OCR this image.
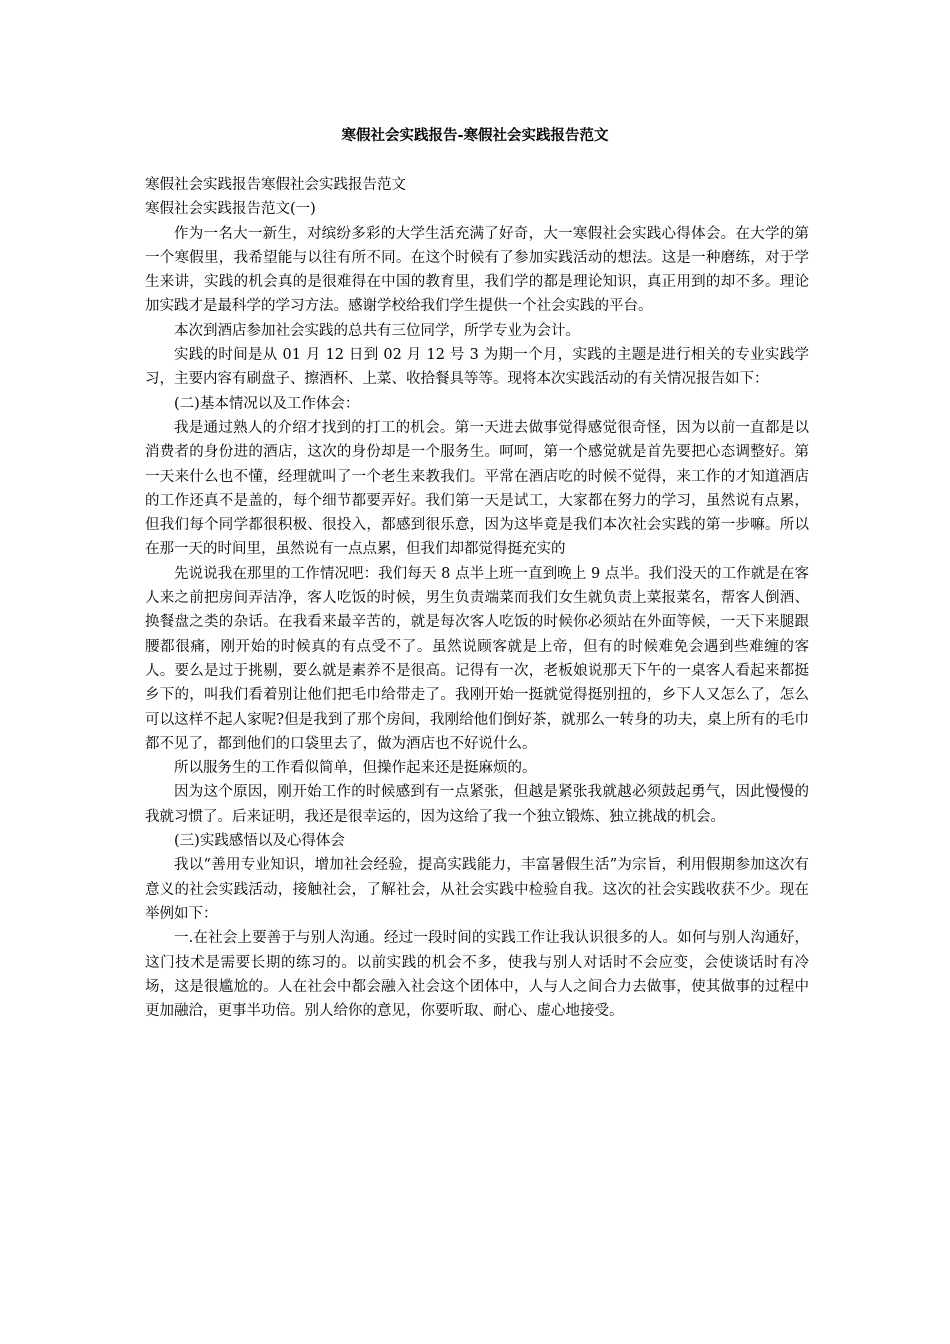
寒假社会实践报告-寒假社会实践报告范文

寒假社会实践报告寒假社会实践报告范文

寒假社会实践报告范文(一)

作为一名大一新生，对缤纷多彩的大学生活充满了好奇，大一寒假社会实践心得体会。在大学的第一个寒假里，我希望能与以往有所不同。在这个时候有了参加实践活动的想法。这是一种磨练，对于学生来讲，实践的机会真的是很难得在中国的教育里，我们学的都是理论知识，真正用到的却不多。理论加实践才是最科学的学习方法。感谢学校给我们学生提供一个社会实践的平台。

本次到酒店参加社会实践的总共有三位同学，所学专业为会计。

实践的时间是从 01 月 12 日到 02 月 12 号 3 为期一个月，实践的主题是进行相关的专业实践学习，主要内容有刷盘子、擦酒杯、上菜、收拾餐具等等。现将本次实践活动的有关情况报告如下：

(二)基本情况以及工作体会：

我是通过熟人的介绍才找到的打工的机会。第一天进去做事觉得感觉很奇怪，因为以前一直都是以消费者的身份进的酒店，这次的身份却是一个服务生。呵呵，第一个感觉就是首先要把心态调整好。第一天来什么也不懂，经理就叫了一个老生来教我们。平常在酒店吃的时候不觉得，来工作的才知道酒店的工作还真不是盖的，每个细节都要弄好。我们第一天是试工，大家都在努力的学习，虽然说有点累，但我们每个同学都很积极、很投入，都感到很乐意，因为这毕竟是我们本次社会实践的第一步嘛。所以在那一天的时间里，虽然说有一点点累，但我们却都觉得挺充实的

先说说我在那里的工作情况吧：我们每天 8 点半上班一直到晚上 9 点半。我们没天的工作就是在客人来之前把房间弄洁净，客人吃饭的时候，男生负责端菜而我们女生就负责上菜报菜名，帮客人倒酒、换餐盘之类的杂话。在我看来最辛苦的，就是每次客人吃饭的时候你必须站在外面等候，一天下来腿跟腰都很痛，刚开始的时候真的有点受不了。虽然说顾客就是上帝，但有的时候难免会遇到些难缠的客人。要么是过于挑剔，要么就是素养不是很高。记得有一次，老板娘说那天下午的一桌客人看起来都挺乡下的，叫我们看着别让他们把毛巾给带走了。我刚开始一挺就觉得挺别扭的，乡下人又怎么了，怎么可以这样不起人家呢?但是我到了那个房间，我刚给他们倒好茶，就那么一转身的功夫，桌上所有的毛巾都不见了，都到他们的口袋里去了，做为酒店也不好说什么。

所以服务生的工作看似简单，但操作起来还是挺麻烦的。

因为这个原因，刚开始工作的时候感到有一点紧张，但越是紧张我就越必须鼓起勇气，因此慢慢的我就习惯了。后来证明，我还是很幸运的，因为这给了我一个独立锻炼、独立挑战的机会。

(三)实践感悟以及心得体会

我以“善用专业知识，增加社会经验，提高实践能力，丰富暑假生活”为宗旨，利用假期参加这次有意义的社会实践活动，接触社会，了解社会，从社会实践中检验自我。这次的社会实践收获不少。现在举例如下：

一.在社会上要善于与别人沟通。经过一段时间的实践工作让我认识很多的人。如何与别人沟通好，这门技术是需要长期的练习的。以前实践的机会不多，使我与别人对话时不会应变，会使谈话时有冷场，这是很尴尬的。人在社会中都会融入社会这个团体中，人与人之间合力去做事，使其做事的过程中更加融洽，更事半功倍。别人给你的意见，你要听取、耐心、虚心地接受。
